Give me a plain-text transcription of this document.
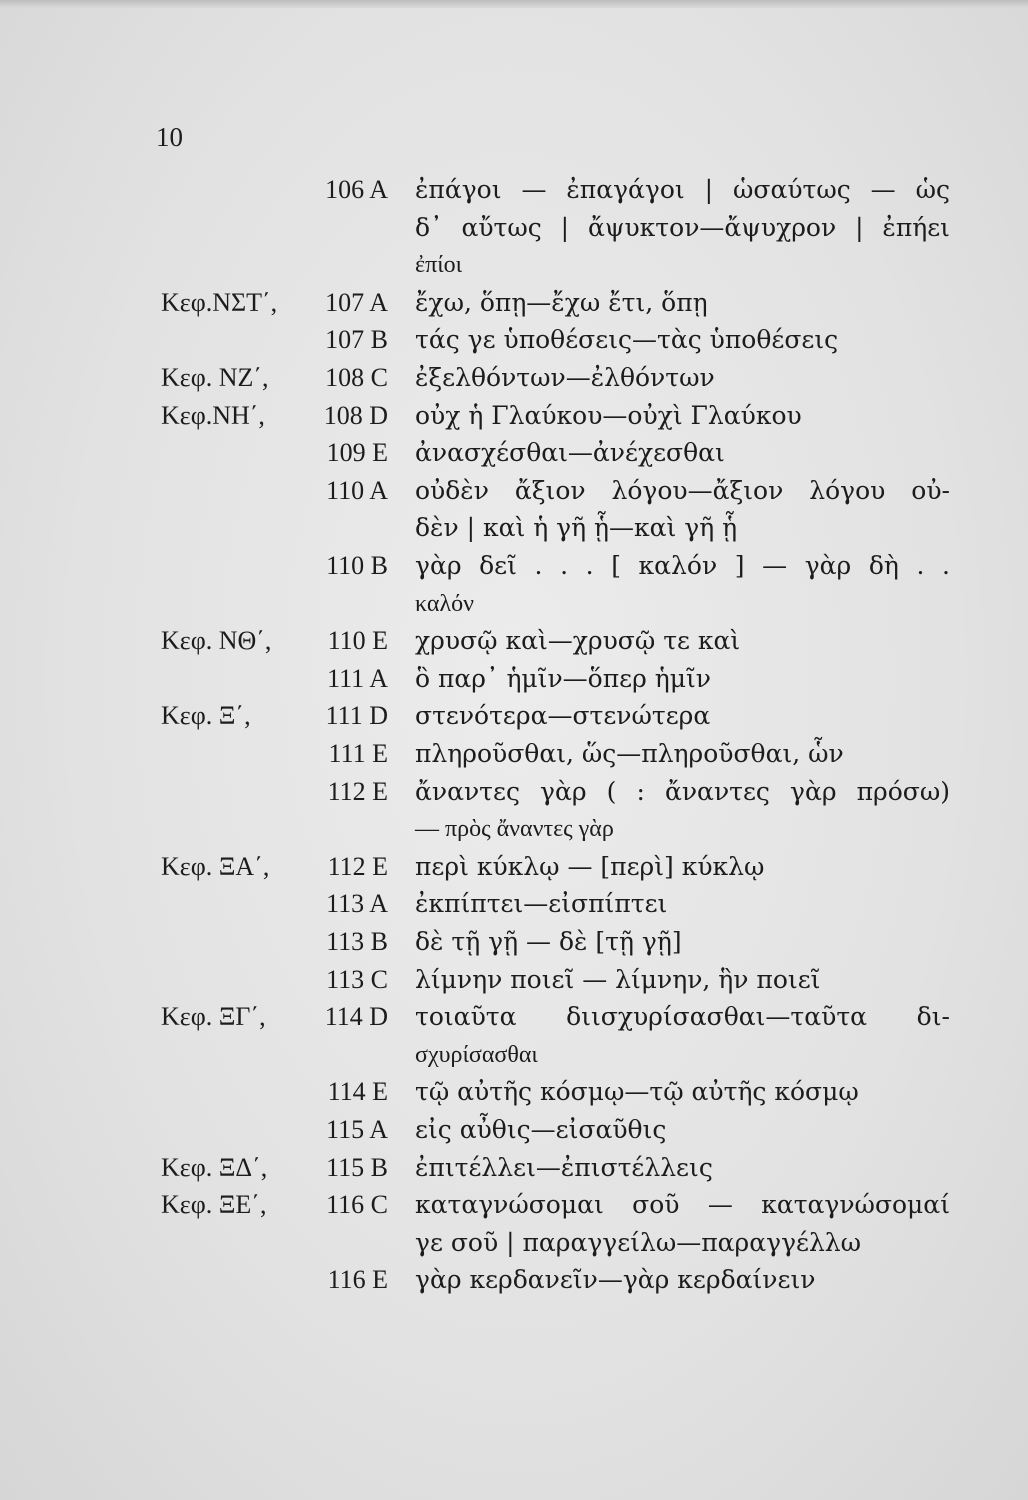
10
106 A ἐπάγοι — ἐπαγάγοι | ὡσαύτως — ὡς
δ᾽ αὔτως | ἄψυκτον—ἄψυχρον | ἐπήει
ἐπίοι
Κεφ.ΝΣΤ΄, 107 A ἔχω, ὅπῃ—ἔχω ἔτι, ὅπῃ
107 B τάς γε ὑποθέσεις—τὰς ὑποθέσεις
Κεφ. ΝΖ΄, 108 C ἐξελθόντων—ἐλθόντων
Κεφ.ΝΗ΄, 108 D οὐχ ἡ Γλαύκου—οὐχὶ Γλαύκου
109 E ἀνασχέσθαι—ἀνέχεσθαι
110 A οὐδὲν ἄξιον λόγου—ἄξιον λόγου οὐ-
δὲν | καὶ ἡ γῆ ᾗ—καὶ γῆ ᾗ
110 B γὰρ δεῖ . . . [ καλόν ] — γὰρ δὴ . .
καλόν
Κεφ. ΝΘ΄, 110 E χρυσῷ καὶ—χρυσῷ τε καὶ
111 A ὃ παρ᾽ ἡμῖν—ὅπερ ἡμῖν
Κεφ. Ξ΄,	111 D στενότερα—στενώτερα
111 E πληροῦσθαι, ὥς—πληροῦσθαι, ὧν
112 E ἄναντες γὰρ ( : ἄναντες γὰρ πρόσω)
— πρὸς ἄναντες γὰρ
Κεφ. ΞΑ΄, 112 E περὶ κύκλῳ — [περὶ] κύκλῳ
113 A ἐκπίπτει—εἰσπίπτει
113 B δὲ τῇ γῇ — δὲ [τῇ γῇ]
113 C λίμνην ποιεῖ — λίμνην, ἣν ποιεῖ
Κεφ. ΞΓ΄, 114 D τοιαῦτα διισχυρίσασθαι—ταῦτα δι-
σχυρίσασθαι
114 E τῷ αὐτῆς κόσμῳ—τῷ αὐτῆς κόσμῳ
115 A εἰς αὖθις—εἰσαῦθις
Κεφ. ΞΔ΄, 115 B ἐπιτέλλει—ἐπιστέλλεις
Κεφ. ΞΕ΄, 116 C καταγνώσομαι σοῦ — καταγνώσομαί
γε σοῦ | παραγγείλω—παραγγέλλω
116 E γὰρ κερδανεῖν—γὰρ κερδαίνειν
